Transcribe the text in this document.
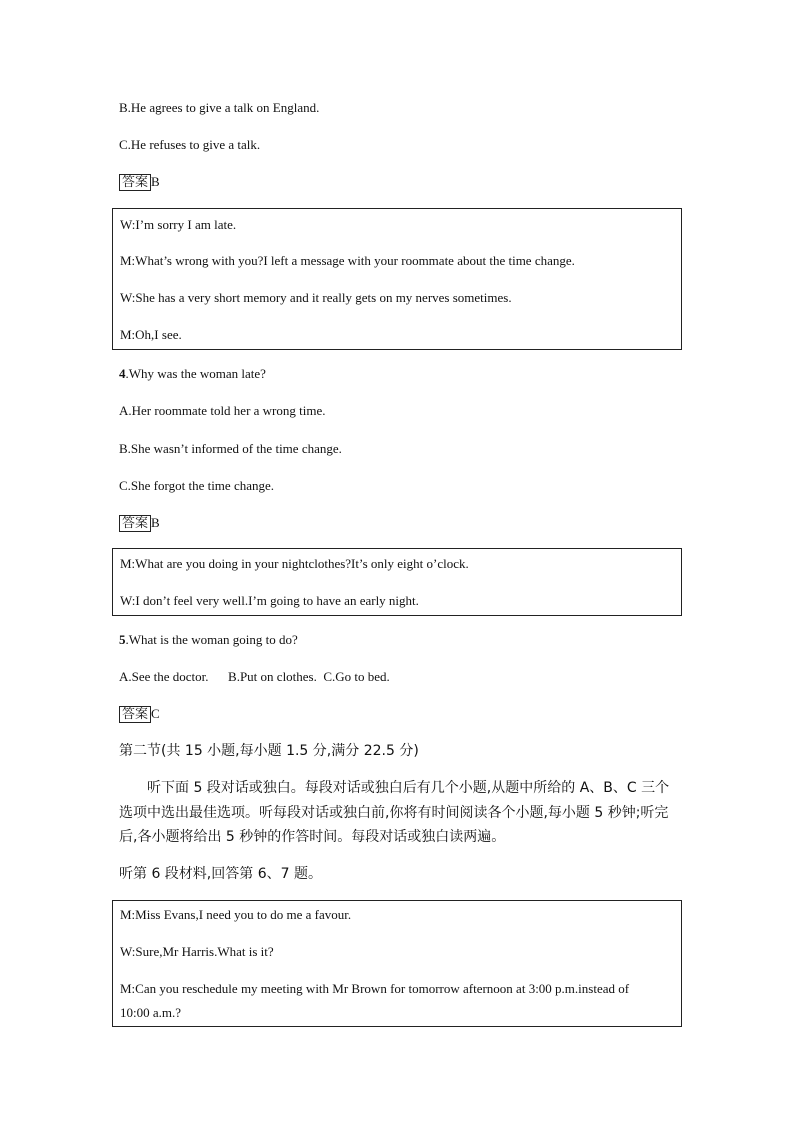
B.He agrees to give a talk on England.
C.He refuses to give a talk.
答案 B
W:I’m sorry I am late.
M:What’s wrong with you?I left a message with your roommate about the time change.
W:She has a very short memory and it really gets on my nerves sometimes.
M:Oh,I see.
4.Why was the woman late?
A.Her roommate told her a wrong time.
B.She wasn’t informed of the time change.
C.She forgot the time change.
答案 B
M:What are you doing in your nightclothes?It’s only eight o’clock.
W:I don’t feel very well.I’m going to have an early night.
5.What is the woman going to do?
A.See the doctor.      B.Put on clothes.  C.Go to bed.
答案 C
第二节(共 15 小题,每小题 1.5 分,满分 22.5 分)
听下面 5 段对话或独白。每段对话或独白后有几个小题,从题中所给的 A、B、C 三个
选项中选出最佳选项。听每段对话或独白前,你将有时间阅读各个小题,每小题 5 秒钟;听完
后,各小题将给出 5 秒钟的作答时间。每段对话或独白读两遍。
听第 6 段材料,回答第 6、7 题。
M:Miss Evans,I need you to do me a favour.
W:Sure,Mr Harris.What is it?
M:Can you reschedule my meeting with Mr Brown for tomorrow afternoon at 3:00 p.m.instead of
10:00 a.m.?
